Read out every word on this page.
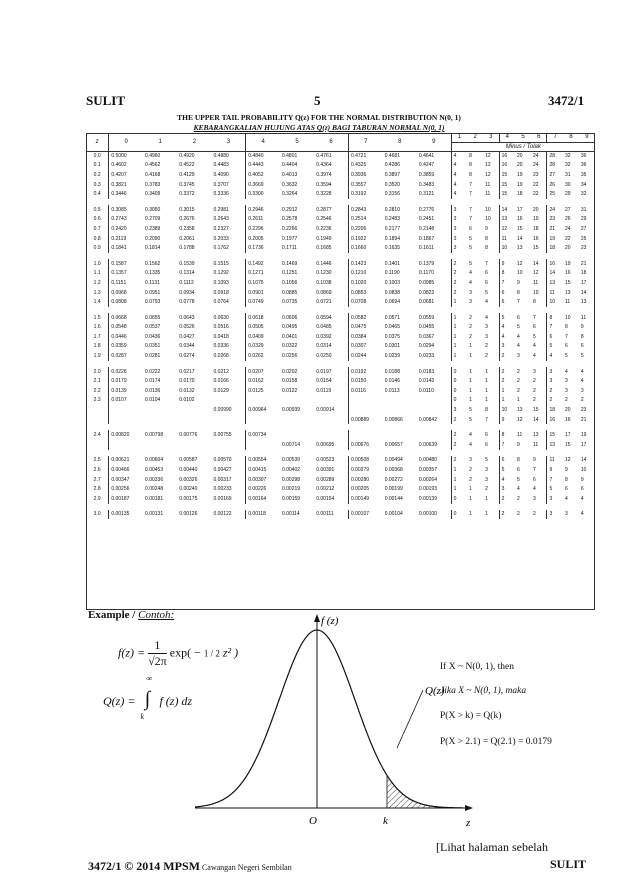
SULIT	5	3472/1
THE UPPER TAIL PROBABILITY Q(z) FOR THE NORMAL DISTRIBUTION N(0, 1)
KEBARANGKALIAN HUJUNG ATAS Q(z) BAGI TABURAN NORMAL N(0, 1)
z	0	1	2	3	4	5	6	7	8	9	1	2	3	4	5	6	7	8	9
											Minus / Tolak								
0.0	0.5000	0.4960	0.4920	0.4880	0.4840	0.4801	0.4761	0.4721	0.4681	0.4641	4	8	12	16	20	24	28	32	36
0.1	0.4602	0.4562	0.4522	0.4483	0.4443	0.4404	0.4364	0.4325	0.4286	0.4247	4	8	12	16	20	24	28	32	36
0.2	0.4207	0.4168	0.4129	0.4090	0.4052	0.4013	0.3974	0.3936	0.3897	0.3859	4	8	12	15	19	23	27	31	35
0.3	0.3821	0.3783	0.3745	0.3707	0.3669	0.3632	0.3594	0.3557	0.3520	0.3483	4	7	11	15	19	22	26	30	34
0.4	0.3446	0.3409	0.3372	0.3336	0.3300	0.3264	0.3228	0.3192	0.3156	0.3121	4	7	11	15	18	22	25	29	32

0.5	0.3085	0.3050	0.3015	0.2981	0.2946	0.2912	0.2877	0.2843	0.2810	0.2776	3	7	10	14	17	20	24	27	31
0.6	0.2743	0.2709	0.2676	0.2643	0.2611	0.2578	0.2546	0.2514	0.2483	0.2451	3	7	10	13	16	19	23	26	29
0.7	0.2420	0.2389	0.2358	0.2327	0.2296	0.2266	0.2236	0.2206	0.2177	0.2148	3	6	9	12	15	18	21	24	27
0.8	0.2119	0.2090	0.2061	0.2033	0.2005	0.1977	0.1949	0.1922	0.1894	0.1867	3	5	8	11	14	16	19	22	25
0.9	0.1841	0.1814	0.1788	0.1762	0.1736	0.1711	0.1685	0.1660	0.1635	0.1611	3	5	8	10	13	15	18	20	23

1.0	0.1587	0.1562	0.1539	0.1515	0.1492	0.1469	0.1446	0.1423	0.1401	0.1379	2	5	7	9	12	14	16	19	21
1.1	0.1357	0.1335	0.1314	0.1292	0.1271	0.1251	0.1230	0.1210	0.1190	0.1170	2	4	6	8	10	12	14	16	18
1.2	0.1151	0.1131	0.1112	0.1093	0.1075	0.1056	0.1038	0.1020	0.1003	0.0985	2	4	6	7	9	11	13	15	17
1.3	0.0968	0.0951	0.0934	0.0918	0.0901	0.0885	0.0869	0.0853	0.0838	0.0823	2	3	5	6	8	10	11	13	14
1.4	0.0808	0.0793	0.0778	0.0764	0.0749	0.0735	0.0721	0.0708	0.0694	0.0681	1	3	4	6	7	8	10	11	13

1.5	0.0668	0.0655	0.0643	0.0630	0.0618	0.0606	0.0594	0.0582	0.0571	0.0559	1	2	4	5	6	7	8	10	11
1.6	0.0548	0.0537	0.0526	0.0516	0.0505	0.0495	0.0485	0.0475	0.0465	0.0455	1	2	3	4	5	6	7	8	9
1.7	0.0446	0.0436	0.0427	0.0418	0.0409	0.0401	0.0392	0.0384	0.0375	0.0367	1	2	3	4	4	5	6	7	8
1.8	0.0359	0.0351	0.0344	0.0336	0.0329	0.0322	0.0314	0.0307	0.0301	0.0294	1	1	2	3	4	4	5	6	6
1.9	0.0287	0.0281	0.0274	0.0268	0.0262	0.0256	0.0250	0.0244	0.0239	0.0233	1	1	2	2	3	4	4	5	5

2.0	0.0228	0.0222	0.0217	0.0212	0.0207	0.0202	0.0197	0.0192	0.0188	0.0183	0	1	1	2	2	3	3	4	4
2.1	0.0179	0.0174	0.0170	0.0166	0.0162	0.0158	0.0154	0.0150	0.0146	0.0143	0	1	1	2	2	2	3	3	4
2.2	0.0139	0.0136	0.0132	0.0129	0.0125	0.0122	0.0119	0.0116	0.0113	0.0110	0	1	1	1	2	2	2	3	3
2.3	0.0107	0.0104	0.0102								0	1	1	1	1	2	2	2	2
				0.00990	0.00964	0.00939	0.00914				3	5	8	10	13	15	18	20	23
								0.00889	0.00866	0.00842	2	5	7	9	12	14	16	16	21

2.4	0.00820	0.00798	0.00776	0.00755	0.00734						2	4	6	8	11	13	15	17	19
						0.00714	0.00695	0.00676	0.00657	0.00639	2	4	6	7	9	11	13	15	17

2.5	0.00621	0.00604	0.00587	0.00570	0.00554	0.00539	0.00523	0.00508	0.00494	0.00480	2	3	5	6	8	9	11	12	14
2.6	0.00466	0.00453	0.00440	0.00427	0.00415	0.00402	0.00391	0.00379	0.00368	0.00357	1	2	3	5	6	7	9	9	10
2.7	0.00347	0.00336	0.00326	0.00317	0.00307	0.00298	0.00289	0.00280	0.00272	0.00264	1	2	3	4	5	6	7	8	9
2.8	0.00256	0.00248	0.00240	0.00233	0.00226	0.00219	0.00212	0.00205	0.00199	0.00193	1	1	2	3	4	4	5	6	6
2.9	0.00187	0.00181	0.00175	0.00169	0.00164	0.00159	0.00154	0.00149	0.00144	0.00139	0	1	1	2	2	3	3	4	4

3.0	0.00135	0.00131	0.00126	0.00122	0.00118	0.00114	0.00111	0.00107	0.00104	0.00100	0	1	1	2	2	2	3	3	4
Example / Contoh:
$f(z) = \frac{1}{√2\pi} \exp( - 1 / 2$ z² )
Q(z) =
∞
∫
k
f (z) dz
f (z)
Q(z)
O	k	z
If X ~ N(0, 1), then
Jika X ~ N(0, 1), maka
P(X > k) = Q(k)
P(X > 2.1) = Q(2.1) = 0.0179
[Lihat halaman sebelah
SULIT
3472/1 © 2014 MPSM Cawangan Negeri Sembilan
